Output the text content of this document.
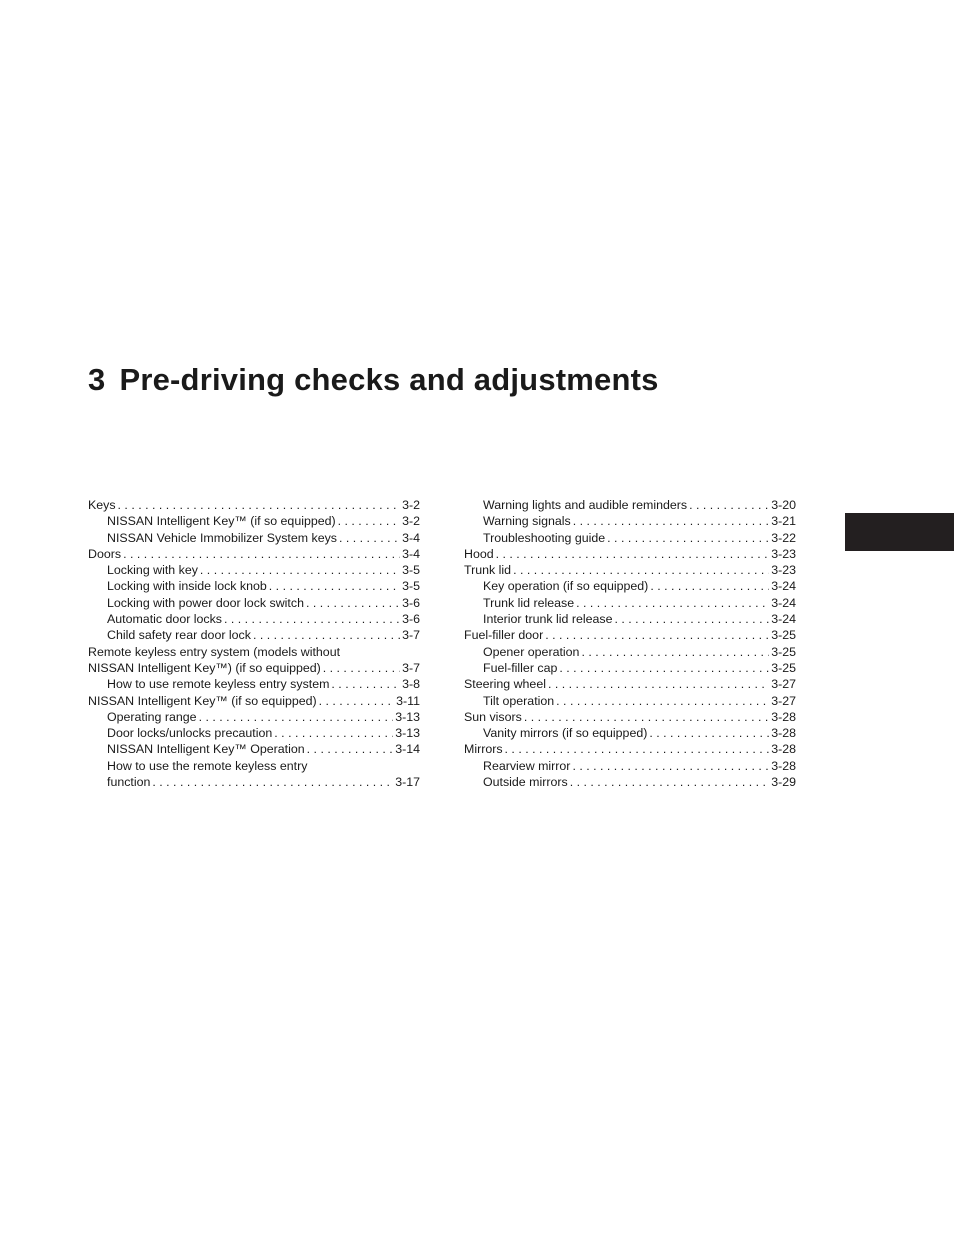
3 Pre-driving checks and adjustments
Keys . . .	3-2
NISSAN Intelligent Key™ (if so equipped) . . .	3-2
NISSAN Vehicle Immobilizer System keys . . .	3-4
Doors . . .	3-4
Locking with key . . .	3-5
Locking with inside lock knob . . .	3-5
Locking with power door lock switch . . .	3-6
Automatic door locks . . .	3-6
Child safety rear door lock . . .	3-7
Remote keyless entry system (models without
NISSAN Intelligent Key™) (if so equipped) . . .	3-7
How to use remote keyless entry system . . .	3-8
NISSAN Intelligent Key™ (if so equipped) . . .	3-11
Operating range . . .	3-13
Door locks/unlocks precaution . . .	3-13
NISSAN Intelligent Key™ Operation . . .	3-14
How to use the remote keyless entry
function . . .	3-17
Warning lights and audible reminders . . .	3-20
Warning signals . . .	3-21
Troubleshooting guide . . .	3-22
Hood . . .	3-23
Trunk lid . . .	3-23
Key operation (if so equipped) . . .	3-24
Trunk lid release . . .	3-24
Interior trunk lid release . . .	3-24
Fuel-filler door . . .	3-25
Opener operation . . .	3-25
Fuel-filler cap . . .	3-25
Steering wheel . . .	3-27
Tilt operation . . .	3-27
Sun visors . . .	3-28
Vanity mirrors (if so equipped) . . .	3-28
Mirrors . . .	3-28
Rearview mirror . . .	3-28
Outside mirrors . . .	3-29
